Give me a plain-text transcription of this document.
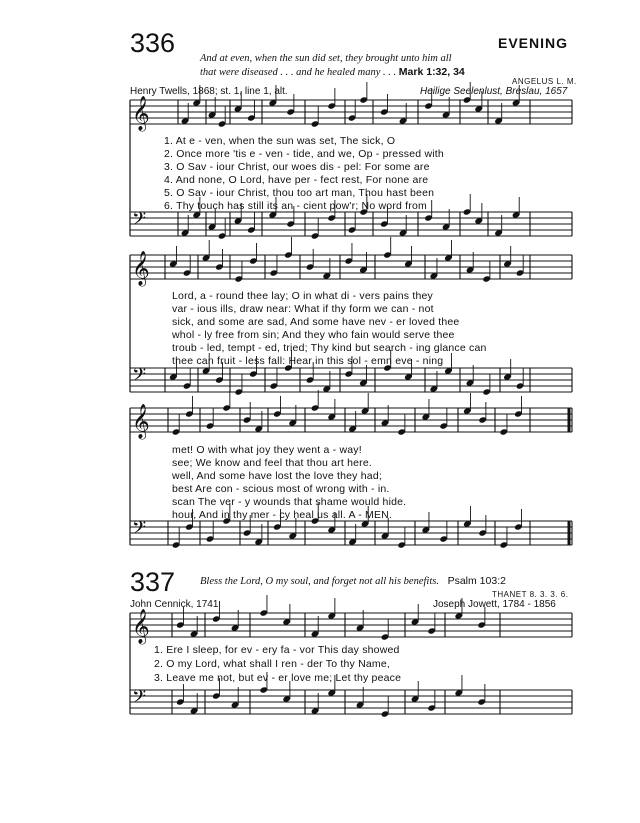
336	EVENING
And at even, when the sun did set, they brought unto him all
that were diseased . . . and he healed many . . . Mark 1:32, 34
ANGELUS L. M.
Henry Twells, 1868; st. 1, line 1, alt.	Heilige Seelenlust, Breslau, 1657
𝄞
𝄢
𝄞
𝄢
𝄞
𝄢
𝄞
𝄢
1. At e - ven, when the sun was set, The sick, O
2. Once more 'tis e - ven - tide, and we, Op - pressed with
3. O Sav - iour Christ, our woes dis - pel: For some are
4. And none, O Lord, have per - fect rest, For none are
5. O Sav - iour Christ, thou too art man, Thou hast been
6. Thy touch has still its an - cient pow'r; No word from
Lord, a - round thee lay; O in what di - vers pains they
var - ious ills, draw near: What if thy form we can - not
sick, and some are sad, And some have nev - er loved thee
whol - ly free from sin; And they who fain would serve thee
troub - led, tempt - ed, tried; Thy kind but search - ing glance can
thee can fruit - less fall: Hear in this sol - emn eve - ning
met! O with what joy they went a - way!
see; We know and feel that thou art here.
well, And some have lost the love they had;
best Are con - scious most of wrong with - in.
scan The ver - y wounds that shame would hide.
hour, And in thy mer - cy heal us all. A - MEN.
337 Bless the Lord, O my soul, and forget not all his benefits. Psalm 103:2
THANET 8. 3. 3. 6.
John Cennick, 1741	Joseph Jowett, 1784 - 1856
1. Ere I sleep, for ev - ery fa - vor This day showed
2. O my Lord, what shall I ren - der To thy Name,
3. Leave me not, but ev - er love me; Let thy peace
